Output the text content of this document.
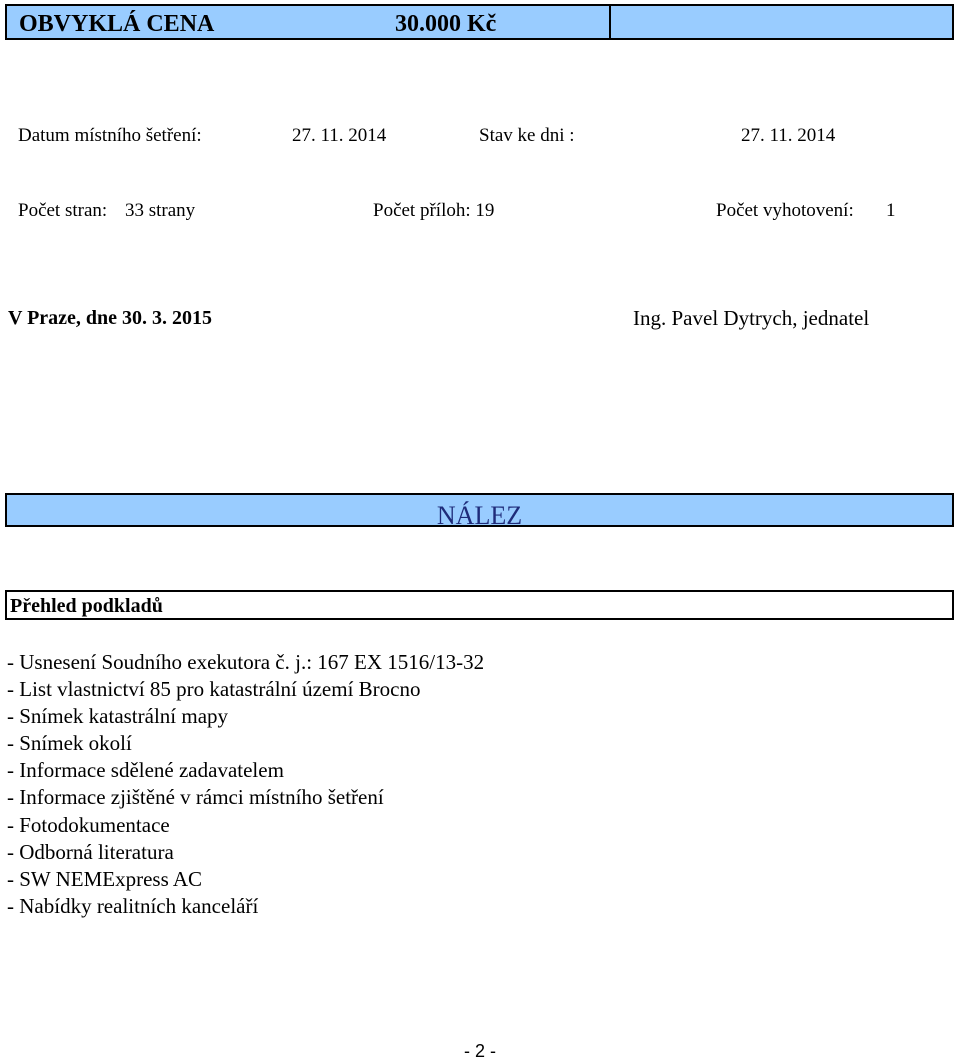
OBVYKLÁ CENA	30.000 Kč
Datum místního šetření:	27. 11. 2014	Stav ke dni :	27. 11. 2014
Počet stran: 33 strany	Počet příloh: 19	Počet vyhotovení: 1
V Praze, dne 30. 3. 2015	Ing. Pavel Dytrych, jednatel
NÁLEZ
Přehled podkladů
- Usnesení Soudního exekutora č. j.: 167 EX 1516/13-32
- List vlastnictví 85 pro katastrální území Brocno
- Snímek katastrální mapy
- Snímek okolí
- Informace sdělené zadavatelem
- Informace zjištěné v rámci místního šetření
- Fotodokumentace
- Odborná literatura
- SW NEMExpress AC
- Nabídky realitních kanceláří
- 2 -
